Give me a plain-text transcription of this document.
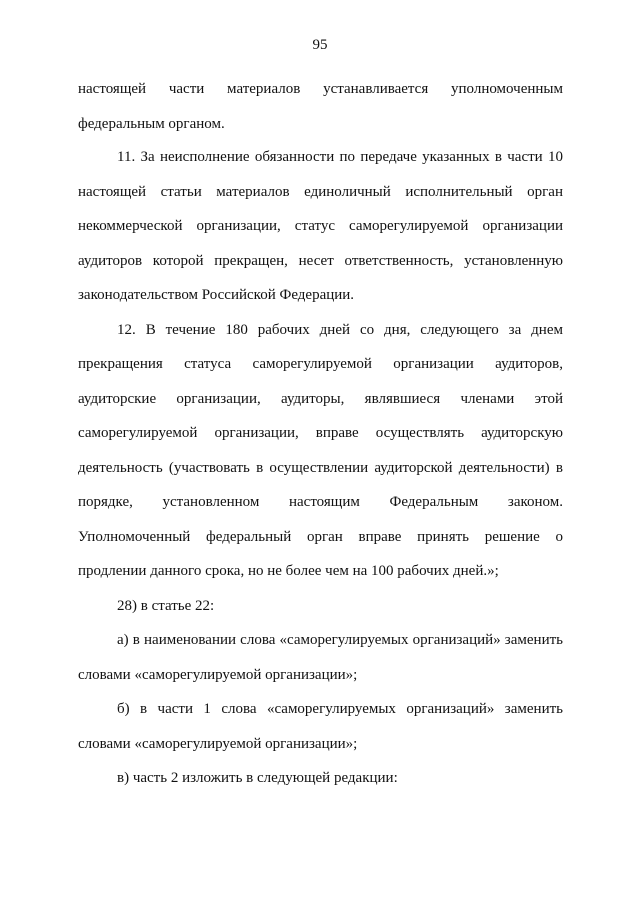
95
настоящей части материалов устанавливается уполномоченным
федеральным органом.
11. За неисполнение обязанности по передаче указанных в части 10
настоящей статьи материалов единоличный исполнительный орган
некоммерческой организации, статус саморегулируемой организации
аудиторов которой прекращен, несет ответственность, установленную
законодательством Российской Федерации.
12. В течение 180 рабочих дней со дня, следующего за днем
прекращения статуса саморегулируемой организации аудиторов,
аудиторские организации, аудиторы, являвшиеся членами этой
саморегулируемой организации, вправе осуществлять аудиторскую
деятельность (участвовать в осуществлении аудиторской деятельности) в
порядке, установленном настоящим Федеральным законом.
Уполномоченный федеральный орган вправе принять решение о
продлении данного срока, но не более чем на 100 рабочих дней.»;
28) в статье 22:
а) в наименовании слова «саморегулируемых организаций» заменить
словами «саморегулируемой организации»;
б) в части 1 слова «саморегулируемых организаций» заменить
словами «саморегулируемой организации»;
в) часть 2 изложить в следующей редакции:
